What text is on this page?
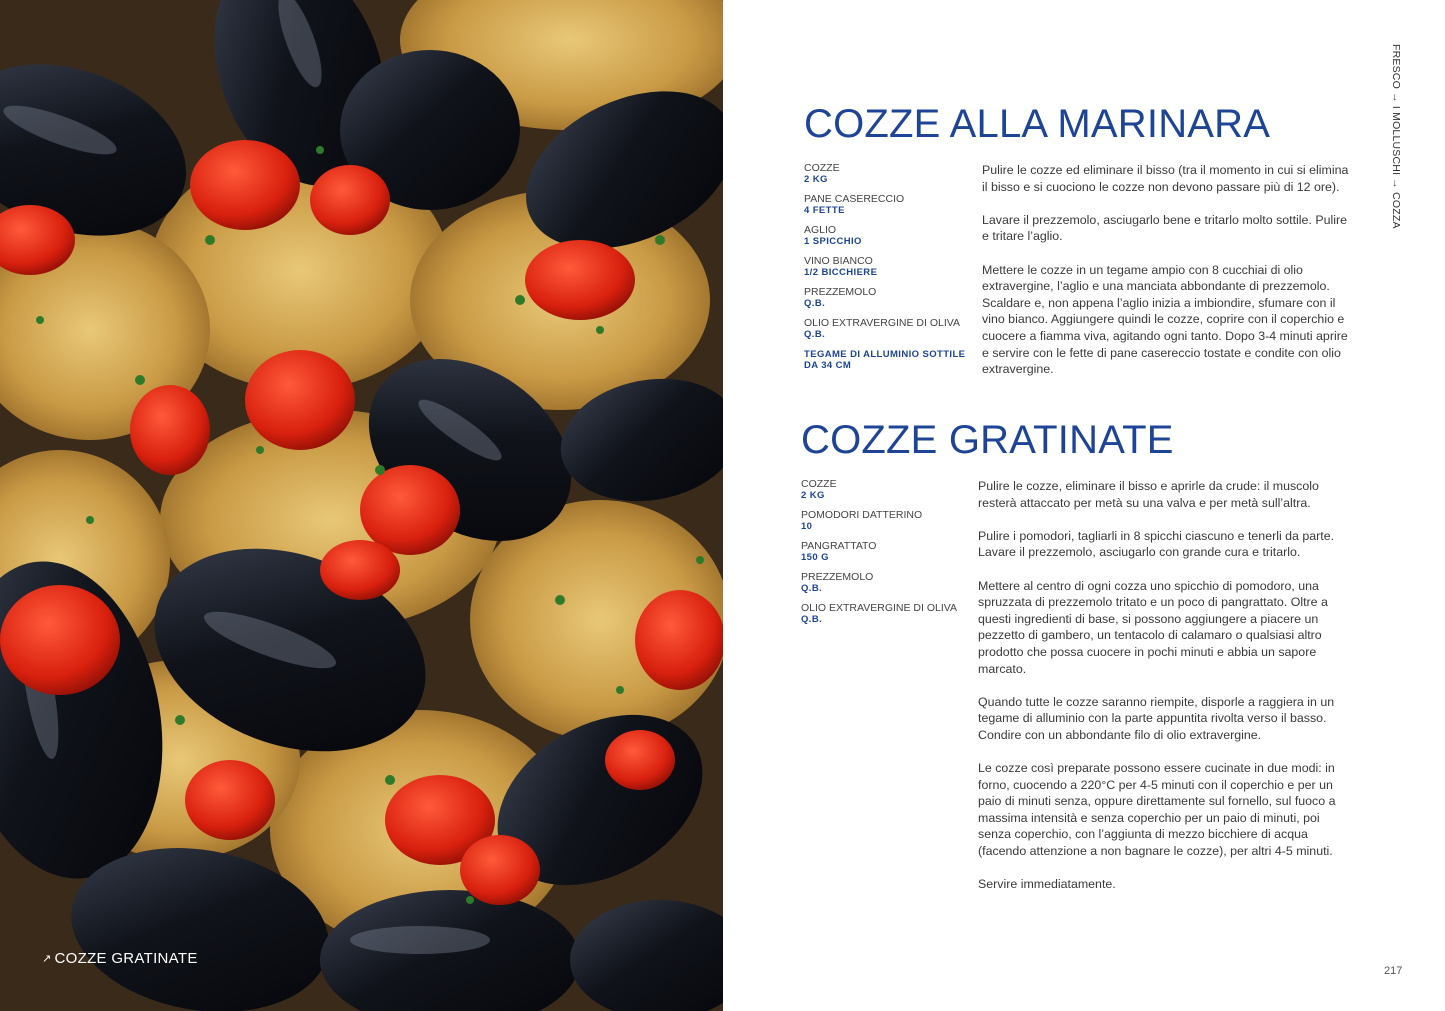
↗ COZZE GRATINATE
FRESCO → I MOLLUSCHI → COZZA
217
COZZE ALLA MARINARA
COZZE
2 KG
PANE CASERECCIO
4 FETTE
AGLIO
1 SPICCHIO
VINO BIANCO
1/2 BICCHIERE
PREZZEMOLO
Q.B.
OLIO EXTRAVERGINE DI OLIVA
Q.B.
TEGAME DI ALLUMINIO SOTTILE DA 34 CM

Pulire le cozze ed eliminare il bisso (tra il momento in cui si elimina il bisso e si cuociono le cozze non devono passare più di 12 ore).

Lavare il prezzemolo, asciugarlo bene e tritarlo molto sottile. Pulire e tritare l’aglio.

Mettere le cozze in un tegame ampio con 8 cucchiai di olio extravergine, l’aglio e una manciata abbondante di prezzemolo. Scaldare e, non appena l’aglio inizia a imbiondire, sfumare con il vino bianco. Aggiungere quindi le cozze, coprire con il coperchio e cuocere a fiamma viva, agitando ogni tanto. Dopo 3-4 minuti aprire e servire con le fette di pane casereccio tostate e condite con olio extravergine.

COZZE GRATINATE
COZZE
2 KG
POMODORI DATTERINO
10
PANGRATTATO
150 G
PREZZEMOLO
Q.B.
OLIO EXTRAVERGINE DI OLIVA
Q.B.

Pulire le cozze, eliminare il bisso e aprirle da crude: il muscolo resterà attaccato per metà su una valva e per metà sull’altra.

Pulire i pomodori, tagliarli in 8 spicchi ciascuno e tenerli da parte. Lavare il prezzemolo, asciugarlo con grande cura e tritarlo.

Mettere al centro di ogni cozza uno spicchio di pomodoro, una spruzzata di prezzemolo tritato e un poco di pangrattato. Oltre a questi ingredienti di base, si possono aggiungere a piacere un pezzetto di gambero, un tentacolo di calamaro o qualsiasi altro prodotto che possa cuocere in pochi minuti e abbia un sapore marcato.

Quando tutte le cozze saranno riempite, disporle a raggiera in un tegame di alluminio con la parte appuntita rivolta verso il basso. Condire con un abbondante filo di olio extravergine.

Le cozze così preparate possono essere cucinate in due modi: in forno, cuocendo a 220°C per 4-5 minuti con il coperchio e per un paio di minuti senza, oppure direttamente sul fornello, sul fuoco a massima intensità e senza coperchio per un paio di minuti, poi senza coperchio, con l’aggiunta di mezzo bicchiere di acqua (facendo attenzione a non bagnare le cozze), per altri 4-5 minuti.

Servire immediatamente.
